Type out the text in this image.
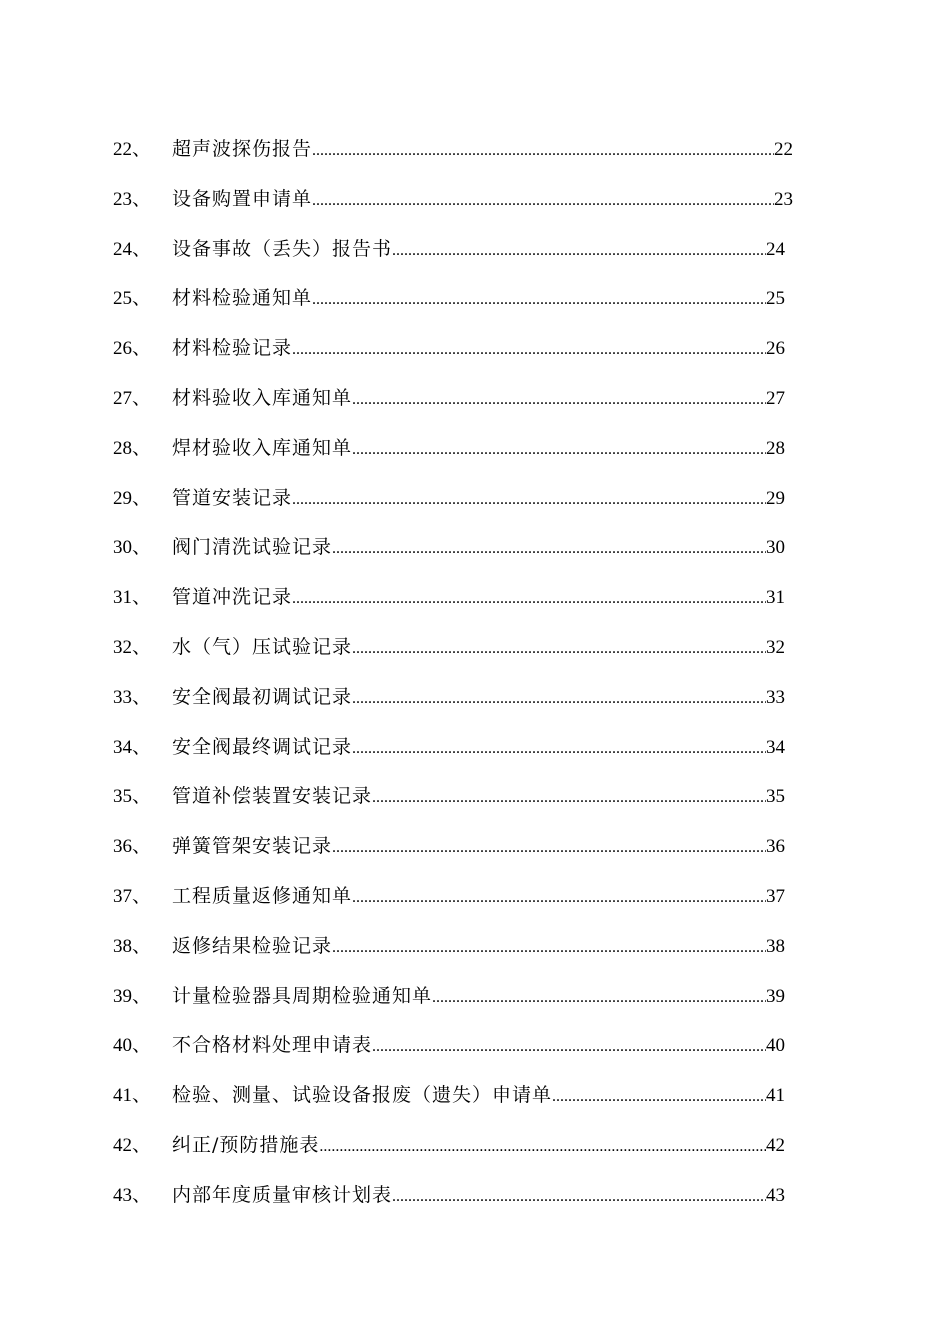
22、	超声波探伤报告 .....	22
23、	设备购置申请单 .....	23
24、	设备事故（丢失）报告书 .....	24
25、	材料检验通知单 .....	25
26、	材料检验记录 .....	26
27、	材料验收入库通知单 .....	27
28、	焊材验收入库通知单 .....	28
29、	管道安装记录 .....	29
30、	阀门清洗试验记录 .....	30
31、	管道冲洗记录 .....	31
32、	水（气）压试验记录 .....	32
33、	安全阀最初调试记录 .....	33
34、	安全阀最终调试记录 .....	34
35、	管道补偿装置安装记录 .....	35
36、	弹簧管架安装记录 .....	36
37、	工程质量返修通知单 .....	37
38、	返修结果检验记录 .....	38
39、	计量检验器具周期检验通知单 .....	39
40、	不合格材料处理申请表 .....	40
41、	检验、测量、试验设备报废（遗失）申请单 .....	41
42、	纠正/预防措施表 .....	42
43、	内部年度质量审核计划表 .....	43
